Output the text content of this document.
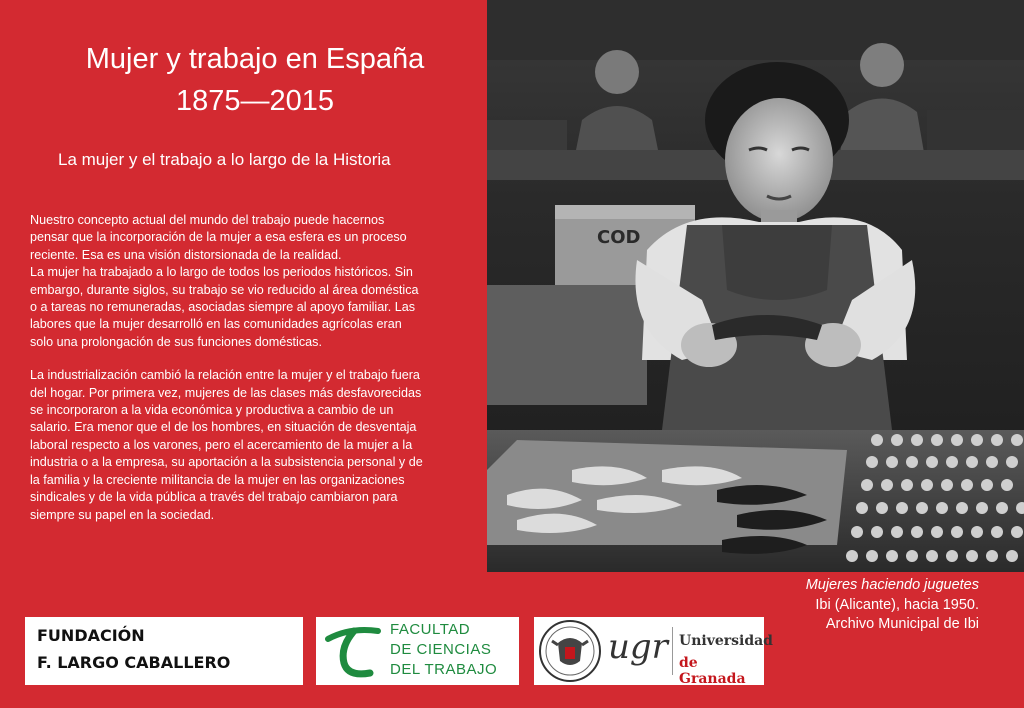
Mujer y trabajo en España
1875—2015
La mujer y el trabajo a lo largo de la Historia

Nuestro concepto actual del mundo del trabajo puede hacernos
pensar que la incorporación de la mujer a esa esfera es un proceso
reciente. Esa es una visión distorsionada de la realidad.
La mujer ha trabajado a lo largo de todos los periodos históricos. Sin
embargo, durante siglos, su trabajo se vio reducido al área doméstica
o a tareas no remuneradas, asociadas siempre al apoyo familiar. Las
labores que la mujer desarrolló en las comunidades agrícolas eran
solo una prolongación de sus funciones domésticas.

La industrialización cambió la relación entre la mujer y el trabajo fuera
del hogar. Por primera vez, mujeres de las clases más desfavorecidas
se incorporaron a la vida económica y productiva a cambio de un
salario. Era menor que el de los hombres, en situación de desventaja
laboral respecto a los varones, pero el acercamiento de la mujer a la
industria o a la empresa, su aportación a la subsistencia personal y de
la familia y la creciente militancia de la mujer en las organizaciones
sindicales y de la vida pública a través del trabajo cambiaron para
siempre su papel en la sociedad.

COD
Mujeres haciendo juguetes
Ibi (Alicante), hacia 1950.
Archivo Municipal de Ibi
FUNDACIÓN
F. LARGO CABALLERO
FACULTAD
DE CIENCIAS
DEL TRABAJO
ugr Universidad
de Granada
